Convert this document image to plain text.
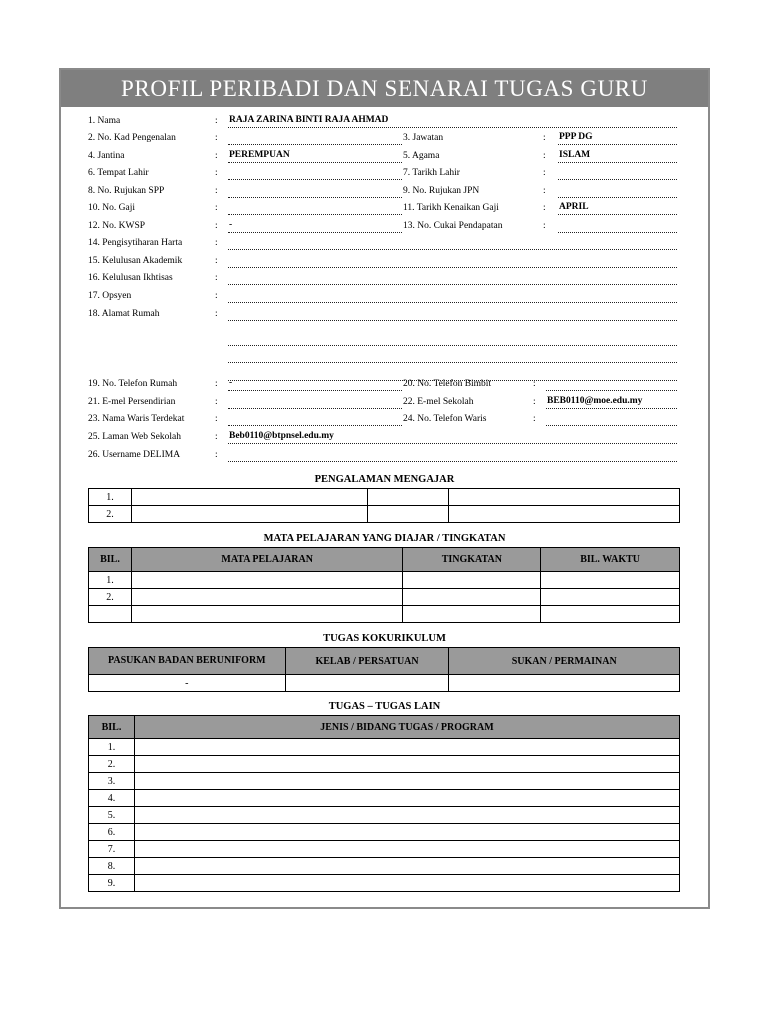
PROFIL PERIBADI DAN SENARAI TUGAS GURU
1. Nama	: RAJA ZARINA BINTI RAJA AHMAD
2. No. Kad Pengenalan	:	3. Jawatan	: PPP DG
4. Jantina	: PEREMPUAN	5. Agama	: ISLAM
6. Tempat Lahir	:	7. Tarikh Lahir	:
8. No. Rujukan SPP	:	9. No. Rujukan JPN	:
10. No. Gaji	:	11. Tarikh Kenaikan Gaji	: APRIL
12. No. KWSP	: -	13. No. Cukai Pendapatan	:
14. Pengisytiharan Harta	:
15. Kelulusan Akademik	:
16. Kelulusan Ikhtisas	:
17. Opsyen	:
18. Alamat Rumah	:
19. No. Telefon Rumah	: -	20. No. Telefon Bimbit	:
21. E-mel Persendirian	:	22. E-mel Sekolah	: BEB0110@moe.edu.my
23. Nama Waris Terdekat	:	24. No. Telefon Waris	:
25. Laman Web Sekolah	: Beb0110@btpnsel.edu.my
26. Username DELIMA	:
PENGALAMAN MENGAJAR
1.			
2.			
MATA PELAJARAN YANG DIAJAR / TINGKATAN
BIL.	MATA PELAJARAN	TINGKATAN	BIL. WAKTU
1.			
2.			

TUGAS KOKURIKULUM
PASUKAN BADAN BERUNIFORM	KELAB / PERSATUAN	SUKAN / PERMAINAN
-		
TUGAS – TUGAS LAIN
BIL.	JENIS / BIDANG TUGAS / PROGRAM
1.	
2.	
3.	
4.	
5.	
6.	
7.	
8.	
9.	
